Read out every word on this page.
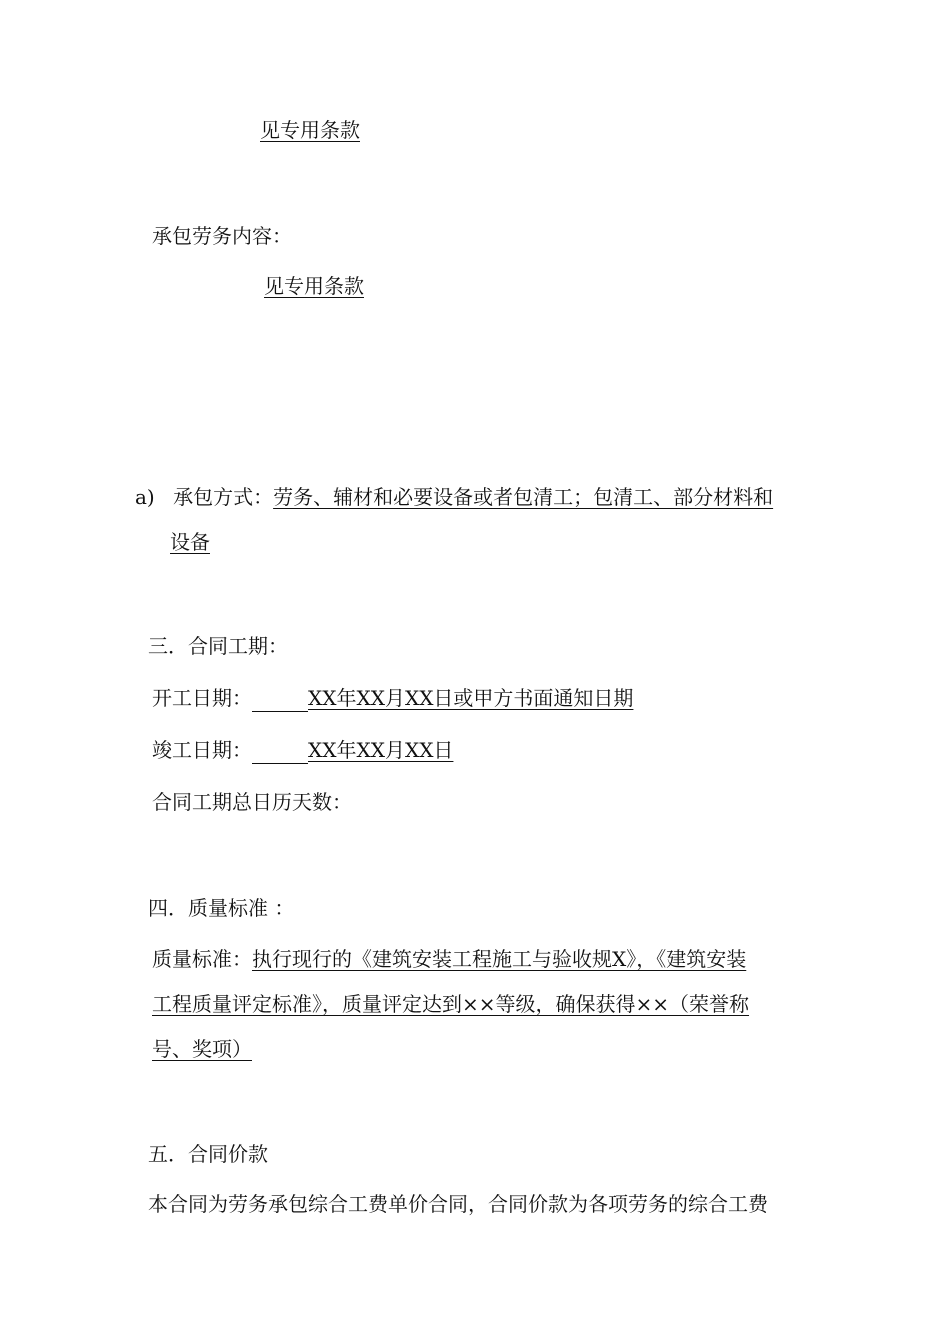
见专用条款
承包劳务内容：
见专用条款
a) 承包方式：劳务、辅材和必要设备或者包清工；包清工、部分材料和
设备
三．合同工期：
开工日期：	XX年XX月XX日或甲方书面通知日期
竣工日期：	XX年XX月XX日
合同工期总日历天数：
四．质量标准 ：
质量标准：执行现行的《建筑安装工程施工与验收规X》，《建筑安装
工程质量评定标准》，质量评定达到××等级，确保获得××（荣誉称
号、奖项）
五．合同价款
本合同为劳务承包综合工费单价合同，合同价款为各项劳务的综合工费
